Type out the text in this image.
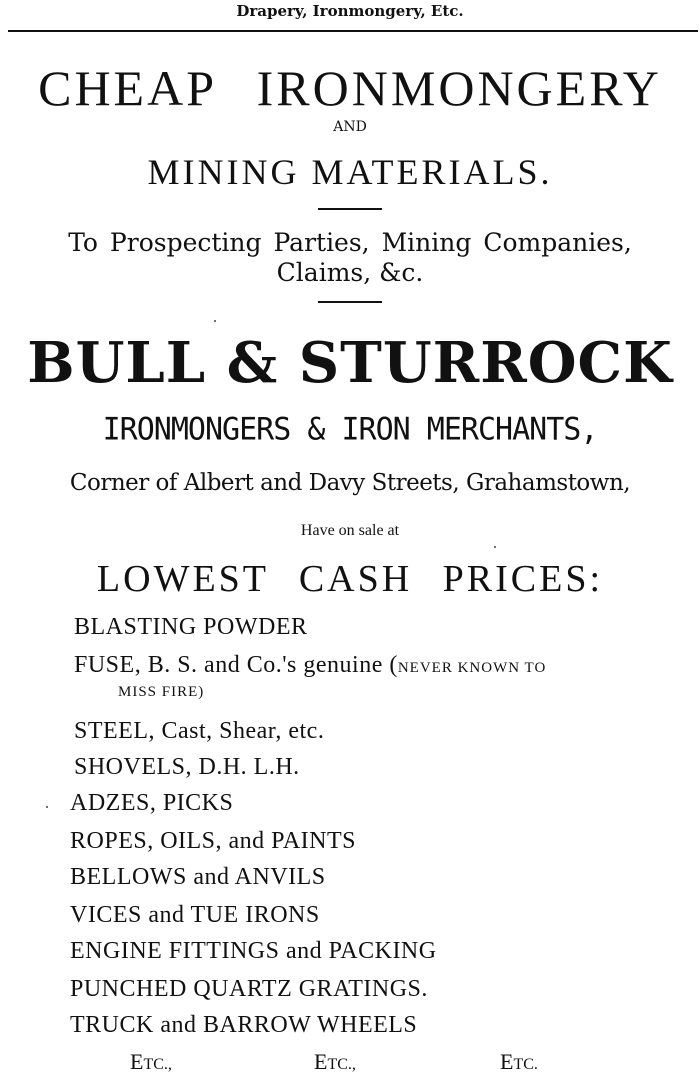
Drapery, Ironmongery, Etc.
CHEAP IRONMONGERY
AND
MINING MATERIALS.
To Prospecting Parties, Mining Companies,
Claims, &c.
BULL & STURROCK
IRONMONGERS & IRON MERCHANTS,
Corner of Albert and Davy Streets, Grahamstown,
Have on sale at
LOWEST CASH PRICES:
BLASTING POWDER
FUSE, B. S. and Co.'s genuine (NEVER KNOWN TO
MISS FIRE)
STEEL, Cast, Shear, etc.
SHOVELS, D.H. L.H.
ADZES, PICKS
ROPES, OILS, and PAINTS
BELLOWS and ANVILS
VICES and TUE IRONS
ENGINE FITTINGS and PACKING
PUNCHED QUARTZ GRATINGS.
TRUCK and BARROW WHEELS
ETC.,	ETC.,	ETC.
